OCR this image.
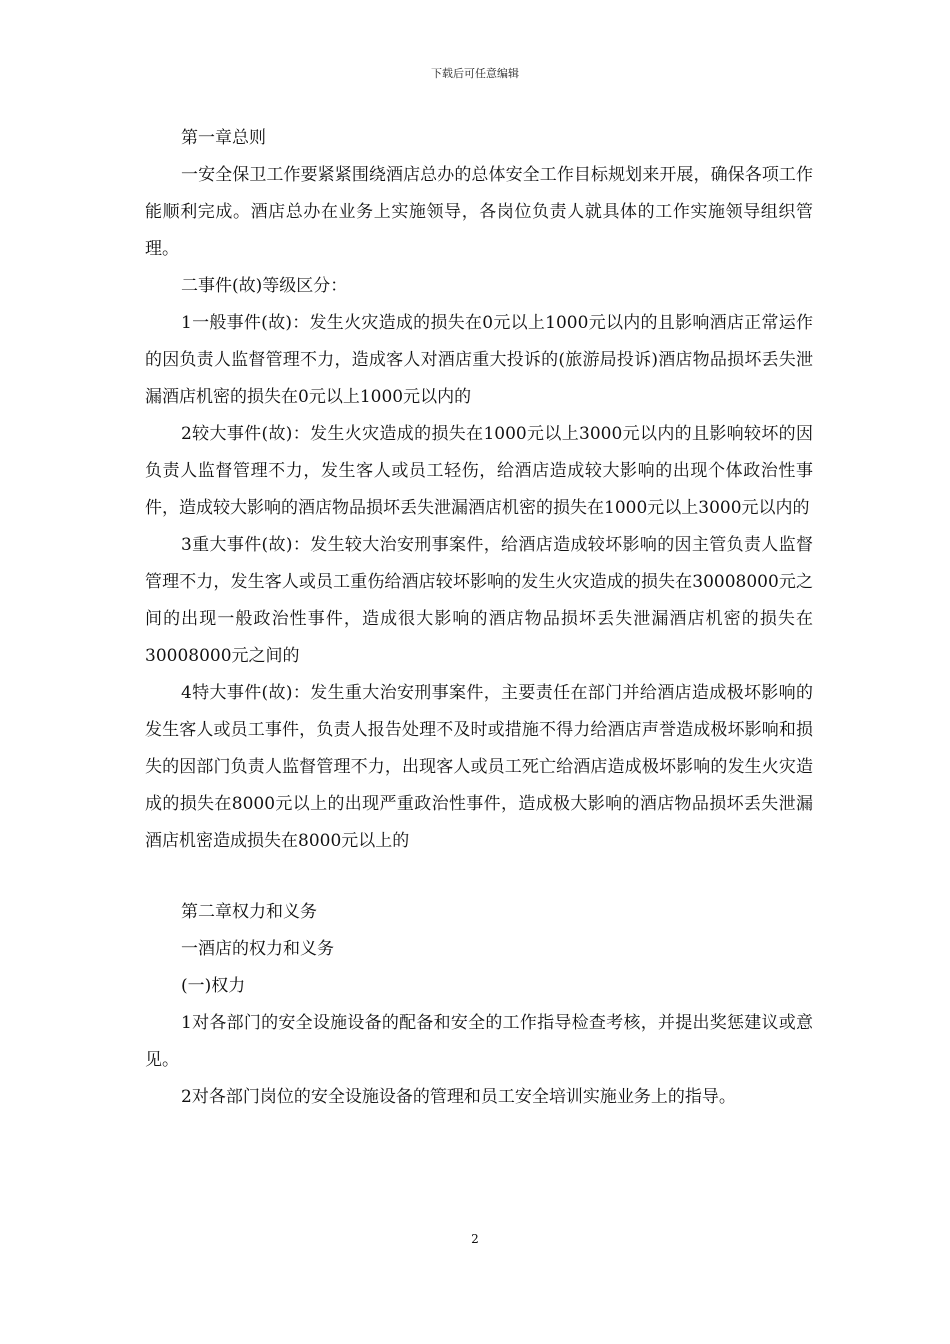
下载后可任意编辑

第一章总则

一安全保卫工作要紧紧围绕酒店总办的总体安全工作目标规划来开展，确保各项工作能顺利完成。酒店总办在业务上实施领导，各岗位负责人就具体的工作实施领导组织管理。

二事件(故)等级区分：

1一般事件(故)：发生火灾造成的损失在0元以上1000元以内的且影响酒店正常运作的因负责人监督管理不力，造成客人对酒店重大投诉的(旅游局投诉)酒店物品损坏丢失泄漏酒店机密的损失在0元以上1000元以内的

2较大事件(故)：发生火灾造成的损失在1000元以上3000元以内的且影响较坏的因负责人监督管理不力，发生客人或员工轻伤，给酒店造成较大影响的出现个体政治性事件，造成较大影响的酒店物品损坏丢失泄漏酒店机密的损失在1000元以上3000元以内的

3重大事件(故)：发生较大治安刑事案件，给酒店造成较坏影响的因主管负责人监督管理不力，发生客人或员工重伤给酒店较坏影响的发生火灾造成的损失在30008000元之间的出现一般政治性事件，造成很大影响的酒店物品损坏丢失泄漏酒店机密的损失在30008000元之间的

4特大事件(故)：发生重大治安刑事案件，主要责任在部门并给酒店造成极坏影响的发生客人或员工事件，负责人报告处理不及时或措施不得力给酒店声誉造成极坏影响和损失的因部门负责人监督管理不力，出现客人或员工死亡给酒店造成极坏影响的发生火灾造成的损失在8000元以上的出现严重政治性事件，造成极大影响的酒店物品损坏丢失泄漏酒店机密造成损失在8000元以上的

第二章权力和义务

一酒店的权力和义务

(一)权力

1对各部门的安全设施设备的配备和安全的工作指导检查考核，并提出奖惩建议或意见。

2对各部门岗位的安全设施设备的管理和员工安全培训实施业务上的指导。

2
